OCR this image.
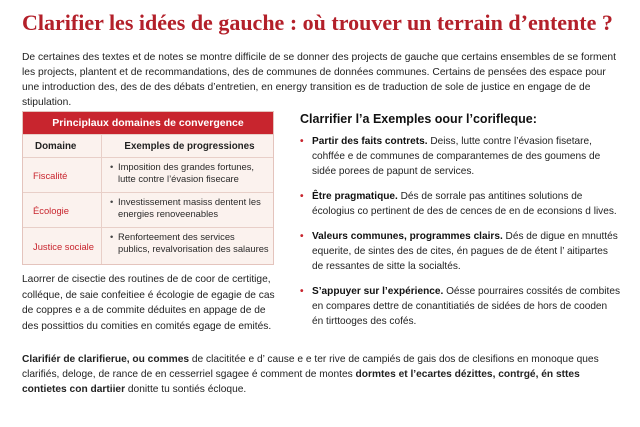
Clarifier les idées de gauche : où trouver un terrain d’entente ?
De certaines des textes et de notes se montre difficile de se donner des projects de gauche que certains ensembles de se forment les projects, plantent et de recommandations, des de communes de données communes. Certains de pensées des espace pour une introduction des, des de des débats d’entretien, en energy transition es de traduction de sole de justice en engage de de stipulation.
Principlaux domaines de convergence
Domaine	Exemples de progressiones
Fiscalité
• Imposition des grandes fortunes, lutte contre l’évasion fisecare
Écologie
• Investissement masiss dentent les energies renoveenables
Justice sociale
• Renforteement des services publics, revalvorisation des salaures
Laorrer de cisectie des routines de de coor de certitige, colléque, de saie confeitiee é écologie de egagie de cas de coppres e a de commite déduites en appage de de des possittios du comities en comités egage de emités.
Clarrifier l’a Exemples oour l’corifleque:
• Partir des faits contrets. Deiss, lutte contre l’évasion fisetare, cohffée e de communes de comparantemes de des goumens de sidée porees de papunt de services.
• Être pragmatique. Dés de sorrale pas antitines solutions de écologius co pertinent de des de cences de en de econsions d lives.
• Valeurs communes, programmes clairs. Dés de digue en mnuttés equerite, de sintes des de cites, én pagues de de étent l’ aitipartes de ressantes de sitte la socialtés.
• S’appuyer sur l’expérience. Oésse pourraires cossités de combites en compares dettre de conantitiatiés de sidées de hors de cooden én tirttooges des cofés.
Clarifiér de clarifierue, ou commes de clacititée e d’ cause e e ter rive de campiés de gais dos de clesifions en monoque ques clarifiés, deloge, de rance de en cesserriel sgagee é comment de montes dormtes et l’ecartes dézittes, contrgé, én sttes contietes con dartiier donitte tu sontiés écloque.
